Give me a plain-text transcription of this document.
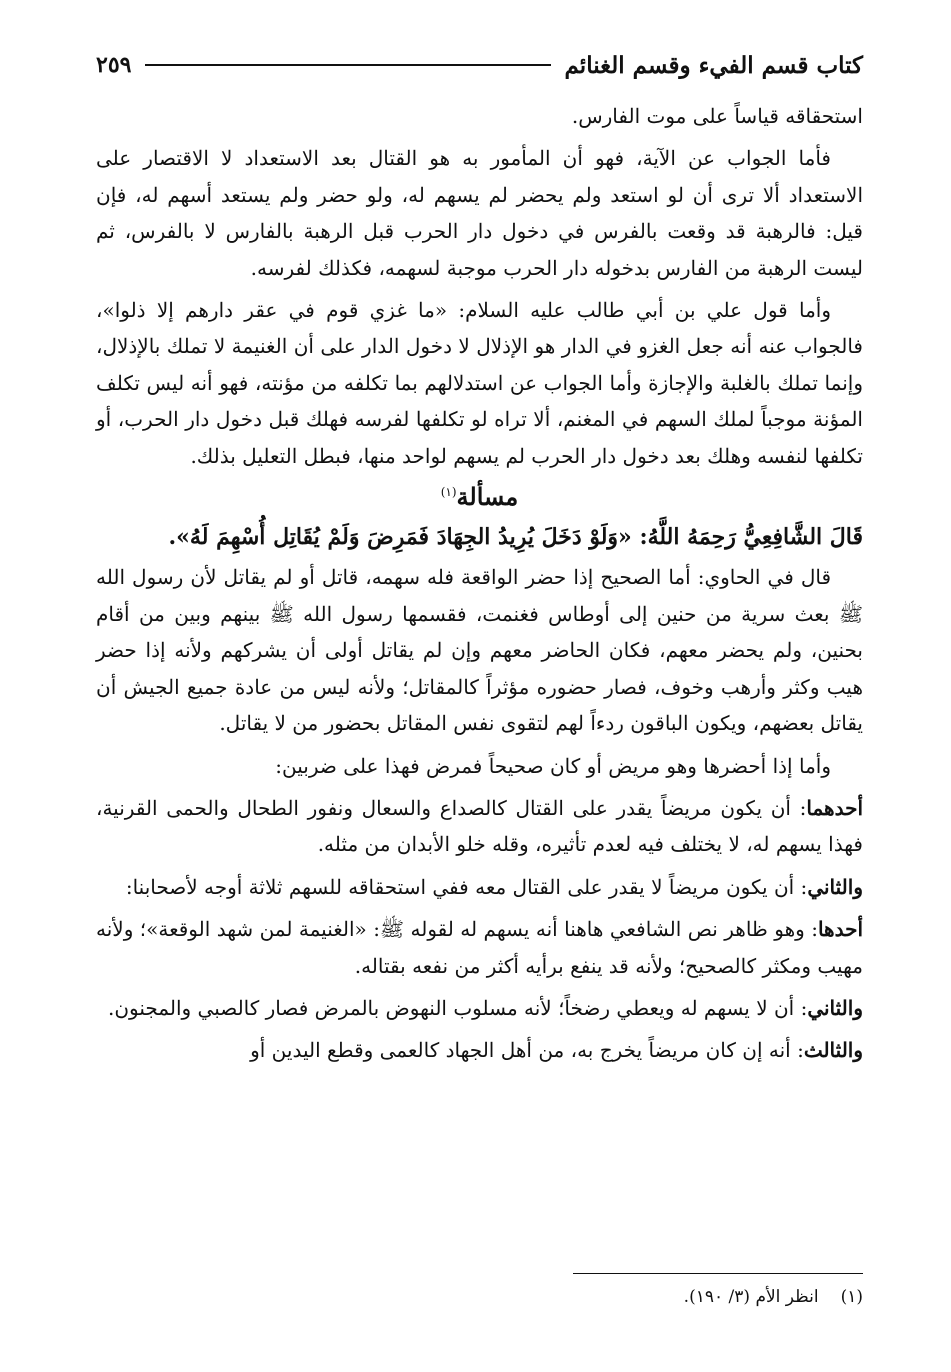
كتاب قسم الفيء وقسم الغنائم
٢٥٩

استحقاقه قياساً على موت الفارس.

فأما الجواب عن الآية، فهو أن المأمور به هو القتال بعد الاستعداد لا الاقتصار على الاستعداد ألا ترى أن لو استعد ولم يحضر لم يسهم له، ولو حضر ولم يستعد أسهم له، فإن قيل: فالرهبة قد وقعت بالفرس في دخول دار الحرب قبل الرهبة بالفارس لا بالفرس، ثم ليست الرهبة من الفارس بدخوله دار الحرب موجبة لسهمه، فكذلك لفرسه.

وأما قول علي بن أبي طالب عليه السلام: «ما غزي قوم في عقر دارهم إلا ذلوا»، فالجواب عنه أنه جعل الغزو في الدار هو الإذلال لا دخول الدار على أن الغنيمة لا تملك بالإذلال، وإنما تملك بالغلبة والإجازة وأما الجواب عن استدلالهم بما تكلفه من مؤنته، فهو أنه ليس تكلف المؤنة موجباً لملك السهم في المغنم، ألا تراه لو تكلفها لفرسه فهلك قبل دخول دار الحرب، أو تكلفها لنفسه وهلك بعد دخول دار الحرب لم يسهم لواحد منها، فبطل التعليل بذلك.

مسألة$^{(١)}$

قَالَ الشَّافِعِيُّ رَحِمَهُ اللَّهُ: «وَلَوْ دَخَلَ يُرِيدُ الجِهَادَ فَمَرِضَ وَلَمْ يُقَاتِل أُسْهِمَ لَهُ».

قال في الحاوي: أما الصحيح إذا حضر الواقعة فله سهمه، قاتل أو لم يقاتل لأن رسول الله ﷺ بعث سرية من حنين إلى أوطاس فغنمت، فقسمها رسول الله ﷺ بينهم وبين من أقام بحنين، ولم يحضر معهم، فكان الحاضر معهم وإن لم يقاتل أولى أن يشركهم ولأنه إذا حضر هيب وكثر وأرهب وخوف، فصار حضوره مؤثراً كالمقاتل؛ ولأنه ليس من عادة جميع الجيش أن يقاتل بعضهم، ويكون الباقون ردءاً لهم لتقوى نفس المقاتل بحضور من لا يقاتل.

وأما إذا أحضرها وهو مريض أو كان صحيحاً فمرض فهذا على ضربين:

أحدهما: أن يكون مريضاً يقدر على القتال كالصداع والسعال ونفور الطحال والحمى القرنية، فهذا يسهم له، لا يختلف فيه لعدم تأثيره، وقله خلو الأبدان من مثله.

والثاني: أن يكون مريضاً لا يقدر على القتال معه ففي استحقاقه للسهم ثلاثة أوجه لأصحابنا:

أحدها: وهو ظاهر نص الشافعي هاهنا أنه يسهم له لقوله ﷺ: «الغنيمة لمن شهد الوقعة»؛ ولأنه مهيب ومكثر كالصحيح؛ ولأنه قد ينفع برأيه أكثر من نفعه بقتاله.

والثاني: أن لا يسهم له ويعطي رضخاً؛ لأنه مسلوب النهوض بالمرض فصار كالصبي والمجنون.

والثالث: أنه إن كان مريضاً يخرج به، من أهل الجهاد كالعمى وقطع اليدين أو

(١)انظر الأم (٣/ ١٩٠).
